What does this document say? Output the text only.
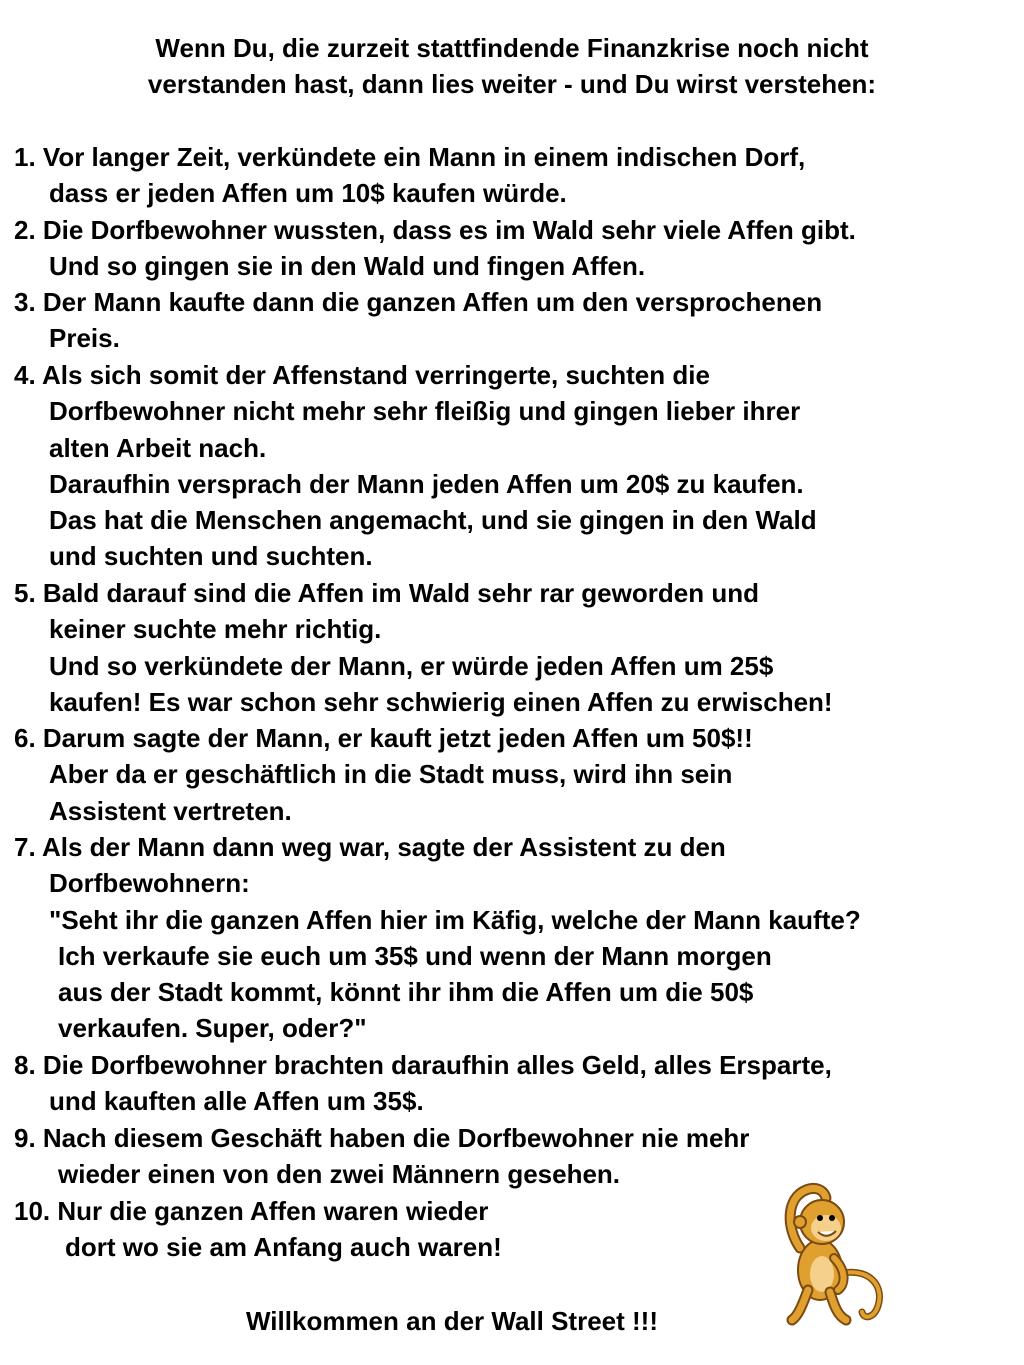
Wenn Du, die zurzeit stattfindende Finanzkrise noch nicht
verstanden hast, dann lies weiter - und Du wirst verstehen:
1. Vor langer Zeit, verkündete ein Mann in einem indischen Dorf,
dass er jeden Affen um 10$ kaufen würde.
2. Die Dorfbewohner wussten, dass es im Wald sehr viele Affen gibt.
Und so gingen sie in den Wald und fingen Affen.
3. Der Mann kaufte dann die ganzen Affen um den versprochenen
Preis.
4. Als sich somit der Affenstand verringerte, suchten die
Dorfbewohner nicht mehr sehr fleißig und gingen lieber ihrer
alten Arbeit nach.
Daraufhin versprach der Mann jeden Affen um 20$ zu kaufen.
Das hat die Menschen angemacht, und sie gingen in den Wald
und suchten und suchten.
5. Bald darauf sind die Affen im Wald sehr rar geworden und
keiner suchte mehr richtig.
Und so verkündete der Mann, er würde jeden Affen um 25$
kaufen! Es war schon sehr schwierig einen Affen zu erwischen!
6. Darum sagte der Mann, er kauft jetzt jeden Affen um 50$!!
Aber da er geschäftlich in die Stadt muss, wird ihn sein
Assistent vertreten.
7. Als der Mann dann weg war, sagte der Assistent zu den
Dorfbewohnern:
"Seht ihr die ganzen Affen hier im Käfig, welche der Mann kaufte?
Ich verkaufe sie euch um 35$ und wenn der Mann morgen
aus der Stadt kommt, könnt ihr ihm die Affen um die 50$
verkaufen. Super, oder?"
8. Die Dorfbewohner brachten daraufhin alles Geld, alles Ersparte,
und kauften alle Affen um 35$.
9. Nach diesem Geschäft haben die Dorfbewohner nie mehr
wieder einen von den zwei Männern gesehen.
10. Nur die ganzen Affen waren wieder
dort wo sie am Anfang auch waren!
Willkommen an der Wall Street !!!
